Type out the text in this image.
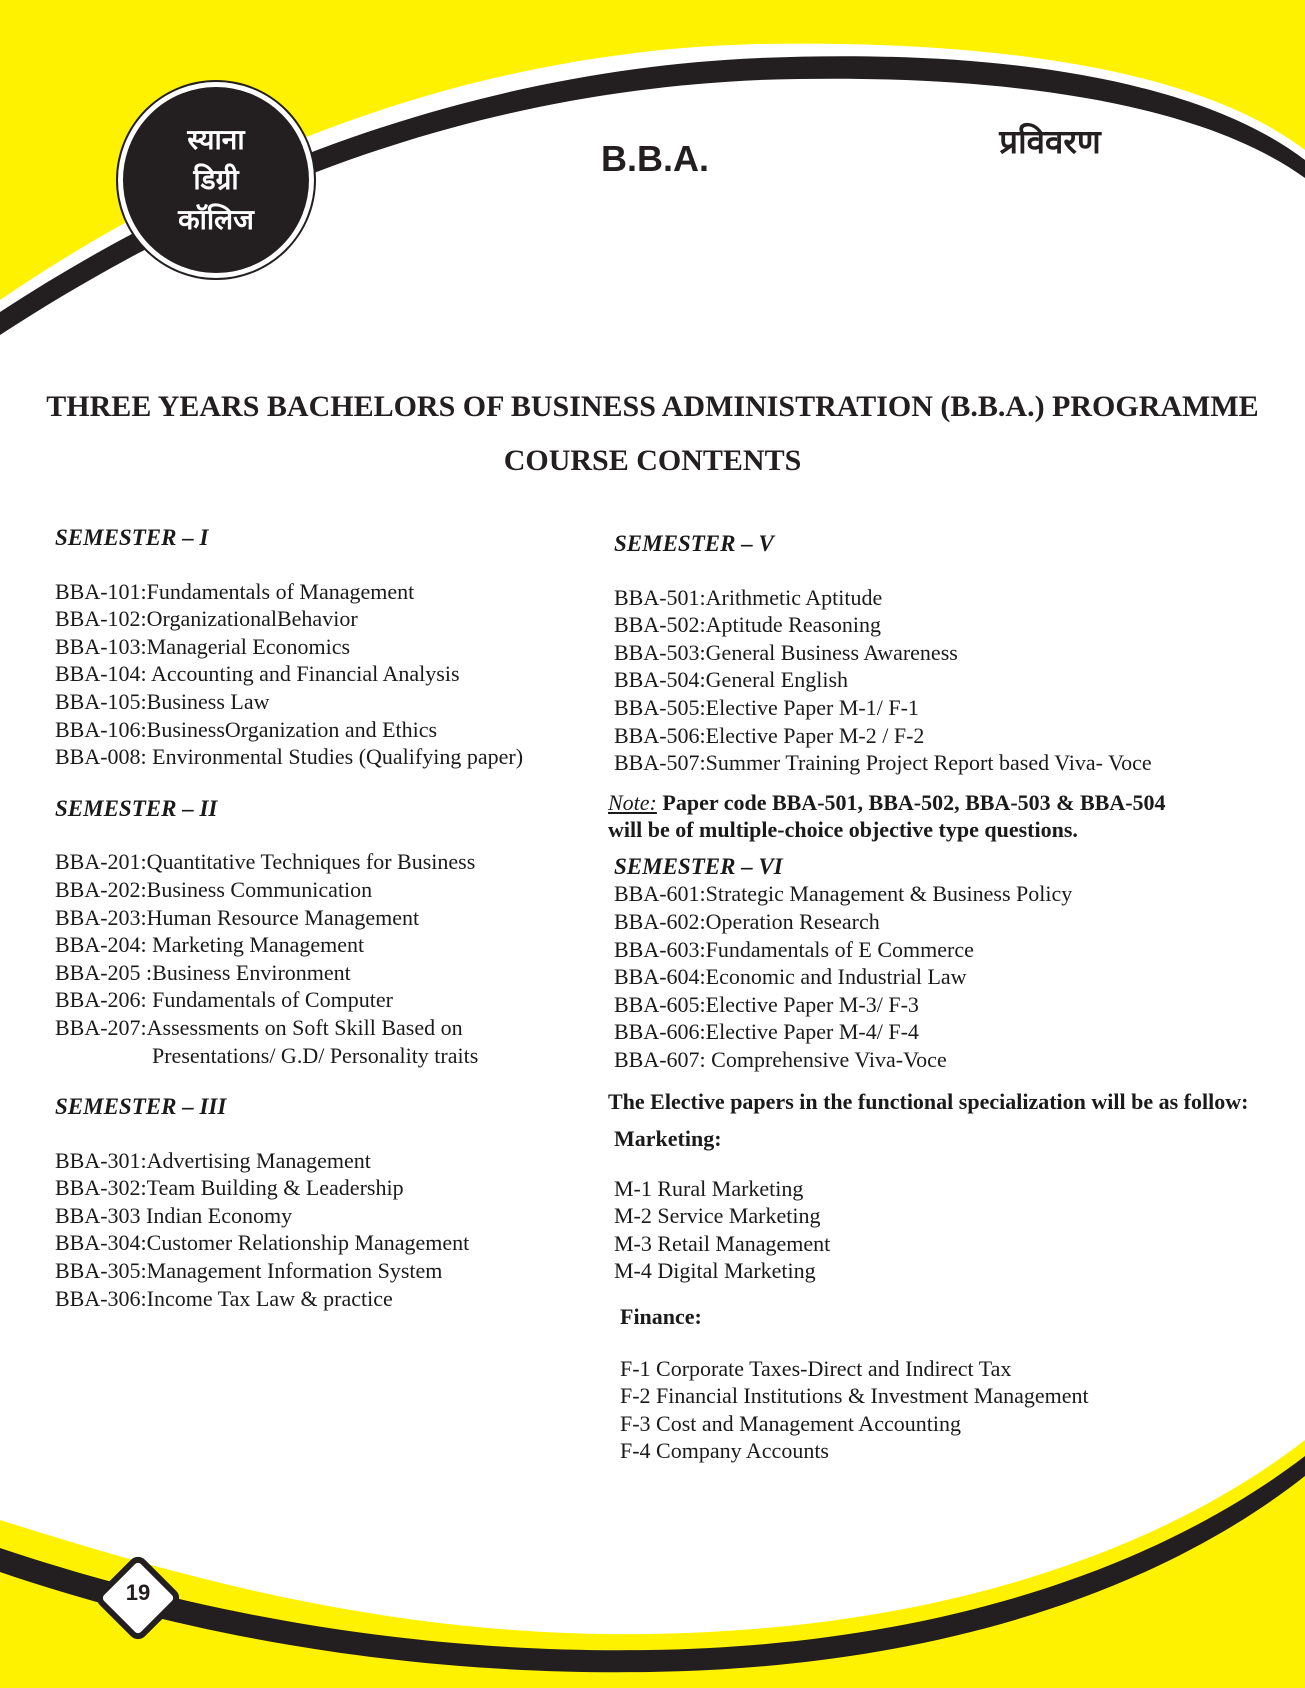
स्याना
डिग्री
कॉलिज
B.B.A.	प्रविवरण
THREE YEARS BACHELORS OF BUSINESS ADMINISTRATION (B.B.A.) PROGRAMME
COURSE CONTENTS
SEMESTER – I
BBA-101:Fundamentals of Management
BBA-102:OrganizationalBehavior
BBA-103:Managerial Economics
BBA-104: Accounting and Financial Analysis
BBA-105:Business Law
BBA-106:BusinessOrganization and Ethics
BBA-008: Environmental Studies (Qualifying paper)
SEMESTER – II
BBA-201:Quantitative Techniques for Business
BBA-202:Business Communication
BBA-203:Human Resource Management
BBA-204: Marketing Management
BBA-205 :Business Environment
BBA-206: Fundamentals of Computer
BBA-207:Assessments on Soft Skill Based on
Presentations/ G.D/ Personality traits
SEMESTER – III
BBA-301:Advertising Management
BBA-302:Team Building & Leadership
BBA-303 Indian Economy
BBA-304:Customer Relationship Management
BBA-305:Management Information System
BBA-306:Income Tax Law & practice
SEMESTER – V
BBA-501:Arithmetic Aptitude
BBA-502:Aptitude Reasoning
BBA-503:General Business Awareness
BBA-504:General English
BBA-505:Elective Paper M-1/ F-1
BBA-506:Elective Paper M-2 / F-2
BBA-507:Summer Training Project Report based Viva- Voce
Note: Paper code BBA-501, BBA-502, BBA-503 & BBA-504
will be of multiple-choice objective type questions.
SEMESTER – VI
BBA-601:Strategic Management & Business Policy
BBA-602:Operation Research
BBA-603:Fundamentals of E Commerce
BBA-604:Economic and Industrial Law
BBA-605:Elective Paper M-3/ F-3
BBA-606:Elective Paper M-4/ F-4
BBA-607: Comprehensive Viva-Voce
The Elective papers in the functional specialization will be as follow:
Marketing:
M-1 Rural Marketing
M-2 Service Marketing
M-3 Retail Management
M-4 Digital Marketing
Finance:
F-1 Corporate Taxes-Direct and Indirect Tax
F-2 Financial Institutions & Investment Management
F-3 Cost and Management Accounting
F-4 Company Accounts
19
